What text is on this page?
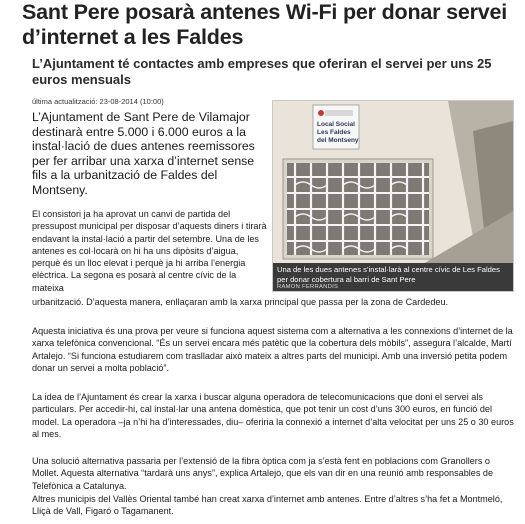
Sant Pere posarà antenes Wi-Fi per donar servei d’internet a les Faldes
L’Ajuntament té contactes amb empreses que oferiran el servei per uns 25 euros mensuals

última actualització: 23-08-2014 (10:00)

L’Ajuntament de Sant Pere de Vilamajor destinarà entre 5.000 i 6.000 euros a la instal·lació de dues antenes reemissores per fer arribar una xarxa d’internet sense fils a la urbanització de Faldes del Montseny.

Local Social
Les Faldes
del Montseny

Una de les dues antenes s’instal·larà al centre cívic de Les Faldes per donar cobertura al barri de Sant Pere

RAMON FERRANDIS

El consistori ja ha aprovat un canvi de partida del pressupost municipal per disposar d’aquests diners i tirarà endavant la instal·lació a partir del setembre. Una de les antenes es col·locarà on hi ha uns dipòsits d’aigua, perquè és un lloc elevat i perquè ja hi arriba l’energia elèctrica. La segona es posarà al centre cívic de la mateixa

urbanització. D’aquesta manera, enllaçaran amb la xarxa principal que passa per la zona de Cardedeu.

Aquesta iniciativa és una prova per veure si funciona aquest sistema com a alternativa a les connexions d’internet de la xarxa telefònica convencional. “És un servei encara més patètic que la cobertura dels mòbils”, assegura l’alcalde, Martí Artalejo. “Si funciona estudiarem com traslladar això mateix a altres parts del municipi. Amb una inversió petita podem donar un servei a molta població”.

La idea de l’Ajuntament és crear la xarxa i buscar alguna operadora de telecomunicacions que doni el servei als particulars. Per accedir-hi, cal instal·lar una antena domèstica, que pot tenir un cost d’uns 300 euros, en funció del model. La operadora –ja n’hi ha d’interessades, diu– oferiria la connexió a internet d’alta velocitat per uns 25 o 30 euros al mes.

Una solució alternativa passaria per l’extensió de la fibra òptica com ja s’està fent en poblacions com Granollers o Mollet. Aquesta alternativa “tardarà uns anys”, explica Artalejo, que els van dir en una reunió amb responsables de Telefònica a Catalunya.

Altres municipis del Vallès Oriental també han creat xarxa d’internet amb antenes. Entre d’altres s’ha fet a Montmeló, Lliçà de Vall, Figaró o Tagamanent.
